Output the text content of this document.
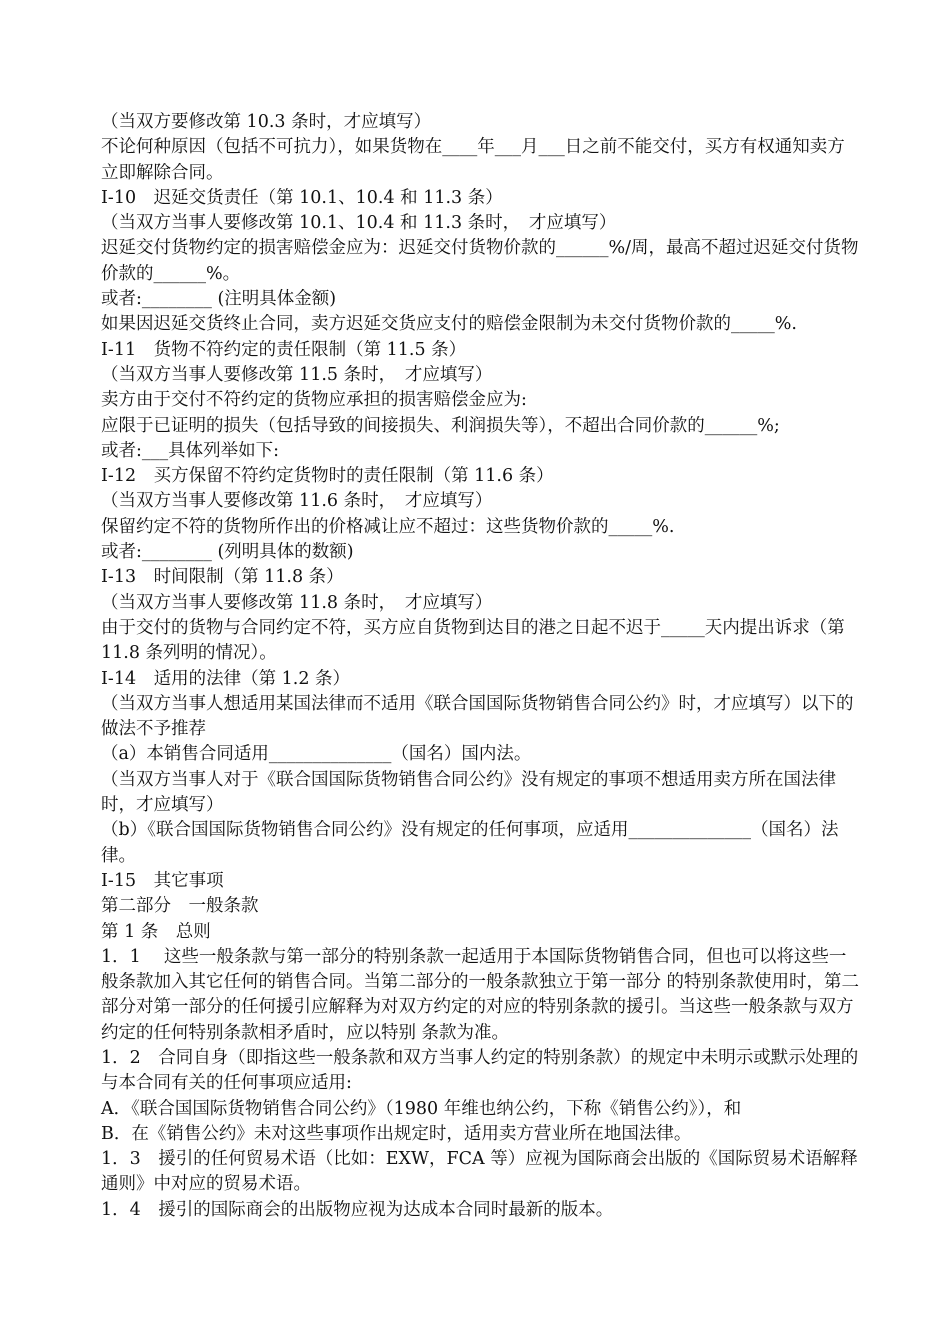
（当双方要修改第 10.3 条时，才应填写）

不论何种原因（包括不可抗力），如果货物在____年___月___日之前不能交付，买方有权通知卖方立即解除合同。

I-10　迟延交货责任（第 10.1、10.4 和 11.3 条）

（当双方当事人要修改第 10.1、10.4 和 11.3 条时，　才应填写）

迟延交付货物约定的损害赔偿金应为：迟延交付货物价款的______%/周，最高不超过迟延交付货物价款的______%。

或者:________ (注明具体金额)

如果因迟延交货终止合同，卖方迟延交货应支付的赔偿金限制为未交付货物价款的_____%.

I-11　货物不符约定的责任限制（第 11.5 条）

（当双方当事人要修改第 11.5 条时，　才应填写）

卖方由于交付不符约定的货物应承担的损害赔偿金应为:

应限于已证明的损失（包括导致的间接损失、利润损失等），不超出合同价款的______%;

或者:___具体列举如下:

I-12　买方保留不符约定货物时的责任限制（第 11.6 条）

（当双方当事人要修改第 11.6 条时，　才应填写）

保留约定不符的货物所作出的价格减让应不超过：这些货物价款的_____%.

或者:________ (列明具体的数额)

I-13　时间限制（第 11.8 条）

（当双方当事人要修改第 11.8 条时，　才应填写）

由于交付的货物与合同约定不符，买方应自货物到达目的港之日起不迟于_____天内提出诉求（第 11.8 条列明的情况）。

I-14　适用的法律（第 1.2 条）

（当双方当事人想适用某国法律而不适用《联合国国际货物销售合同公约》时，才应填写）以下的做法不予推荐

（a）本销售合同适用______________（国名）国内法。

（当双方当事人对于《联合国国际货物销售合同公约》没有规定的事项不想适用卖方所在国法律时，才应填写）

（b）《联合国国际货物销售合同公约》没有规定的任何事项，应适用______________（国名）法律。

I-15　其它事项

第二部分　一般条款

第 1 条　总则

1．1　 这些一般条款与第一部分的特别条款一起适用于本国际货物销售合同，但也可以将这些一般条款加入其它任何的销售合同。当第二部分的一般条款独立于第一部分 的特别条款使用时，第二部分对第一部分的任何援引应解释为对双方约定的对应的特别条款的援引。当这些一般条款与双方约定的任何特别条款相矛盾时，应以特别 条款为准。

1．2　合同自身（即指这些一般条款和双方当事人约定的特别条款）的规定中未明示或默示处理的与本合同有关的任何事项应适用:

A．《联合国国际货物销售合同公约》（1980 年维也纳公约，下称《销售公约》），和

B．在《销售公约》未对这些事项作出规定时，适用卖方营业所在地国法律。

1．3　援引的任何贸易术语（比如：EXW，FCA 等）应视为国际商会出版的《国际贸易术语解释通则》中对应的贸易术语。

1．4　援引的国际商会的出版物应视为达成本合同时最新的版本。
